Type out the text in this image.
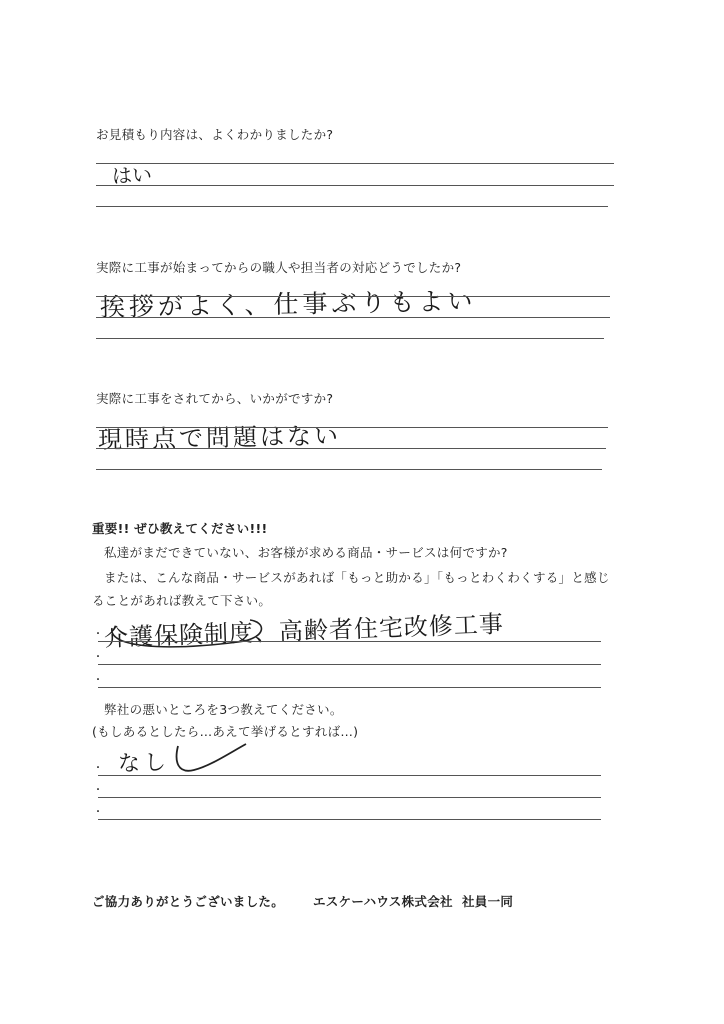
お見積もり内容は、よくわかりましたか?
はい
実際に工事が始まってからの職人や担当者の対応どうでしたか?
挨拶がよく、仕事ぶりもよい
実際に工事をされてから、いかがですか?
現時点で問題はない
重要!! ぜひ教えてください!!!
私達がまだできていない、お客様が求める商品・サービスは何ですか?
または、こんな商品・サービスがあれば「もっと助かる」「もっとわくわくする」と感じ
ることがあれば教えて下さい。
介護保険制度、高齢者住宅改修工事
・
・
・
弊社の悪いところを3つ教えてください。
(もしあるとしたら…あえて挙げるとすれば…)
なし
・
・
・
ご協力ありがとうございました。 エスケーハウス株式会社 社員一同
